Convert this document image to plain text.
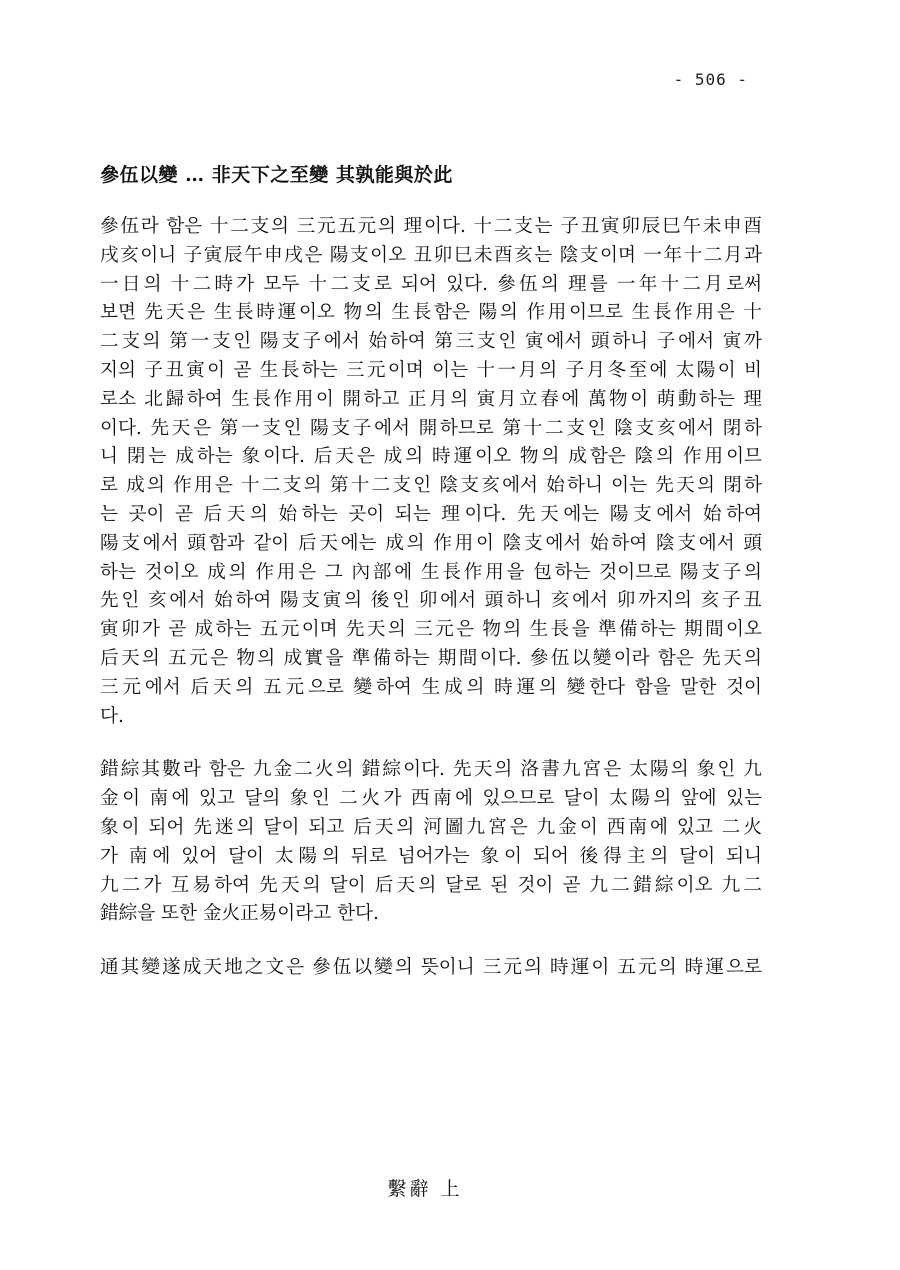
- 506 -
參伍以變 … 非天下之至變 其孰能與於此
參伍라 함은 十二支의 三元五元의 理이다. 十二支는 子丑寅卯辰巳午未申酉
戌亥이니 子寅辰午申戌은 陽支이오 丑卯巳未酉亥는 陰支이며 一年十二月과
一日의 十二時가 모두 十二支로 되어 있다. 參伍의 理를 一年十二月로써
보면 先天은 生長時運이오 物의 生長함은 陽의 作用이므로 生長作用은 十
二支의 第一支인 陽支子에서 始하여 第三支인 寅에서 頭하니 子에서 寅까
지의 子丑寅이 곧 生長하는 三元이며 이는 十一月의 子月冬至에 太陽이 비
로소 北歸하여 生長作用이 開하고 正月의 寅月立春에 萬物이 萌動하는 理
이다. 先天은 第一支인 陽支子에서 開하므로 第十二支인 陰支亥에서 閉하
니 閉는 成하는 象이다. 后天은 成의 時運이오 物의 成함은 陰의 作用이므
로 成의 作用은 十二支의 第十二支인 陰支亥에서 始하니 이는 先天의 閉하
는 곳이 곧 后天의 始하는 곳이 되는 理이다. 先天에는 陽支에서 始하여
陽支에서 頭함과 같이 后天에는 成의 作用이 陰支에서 始하여 陰支에서 頭
하는 것이오 成의 作用은 그 內部에 生長作用을 包하는 것이므로 陽支子의
先인 亥에서 始하여 陽支寅의 後인 卯에서 頭하니 亥에서 卯까지의 亥子丑
寅卯가 곧 成하는 五元이며 先天의 三元은 物의 生長을 準備하는 期間이오
后天의 五元은 物의 成實을 準備하는 期間이다. 參伍以變이라 함은 先天의
三元에서 后天의 五元으로 變하여 生成의 時運의 變한다 함을 말한 것이
다.
錯綜其數라 함은 九金二火의 錯綜이다. 先天의 洛書九宮은 太陽의 象인 九
金이 南에 있고 달의 象인 二火가 西南에 있으므로 달이 太陽의 앞에 있는
象이 되어 先迷의 달이 되고 后天의 河圖九宮은 九金이 西南에 있고 二火
가 南에 있어 달이 太陽의 뒤로 넘어가는 象이 되어 後得主의 달이 되니
九二가 互易하여 先天의 달이 后天의 달로 된 것이 곧 九二錯綜이오 九二
錯綜을 또한 金火正易이라고 한다.
通其變遂成天地之文은 參伍以變의 뜻이니 三元의 時運이 五元의 時運으로
繫辭 上
